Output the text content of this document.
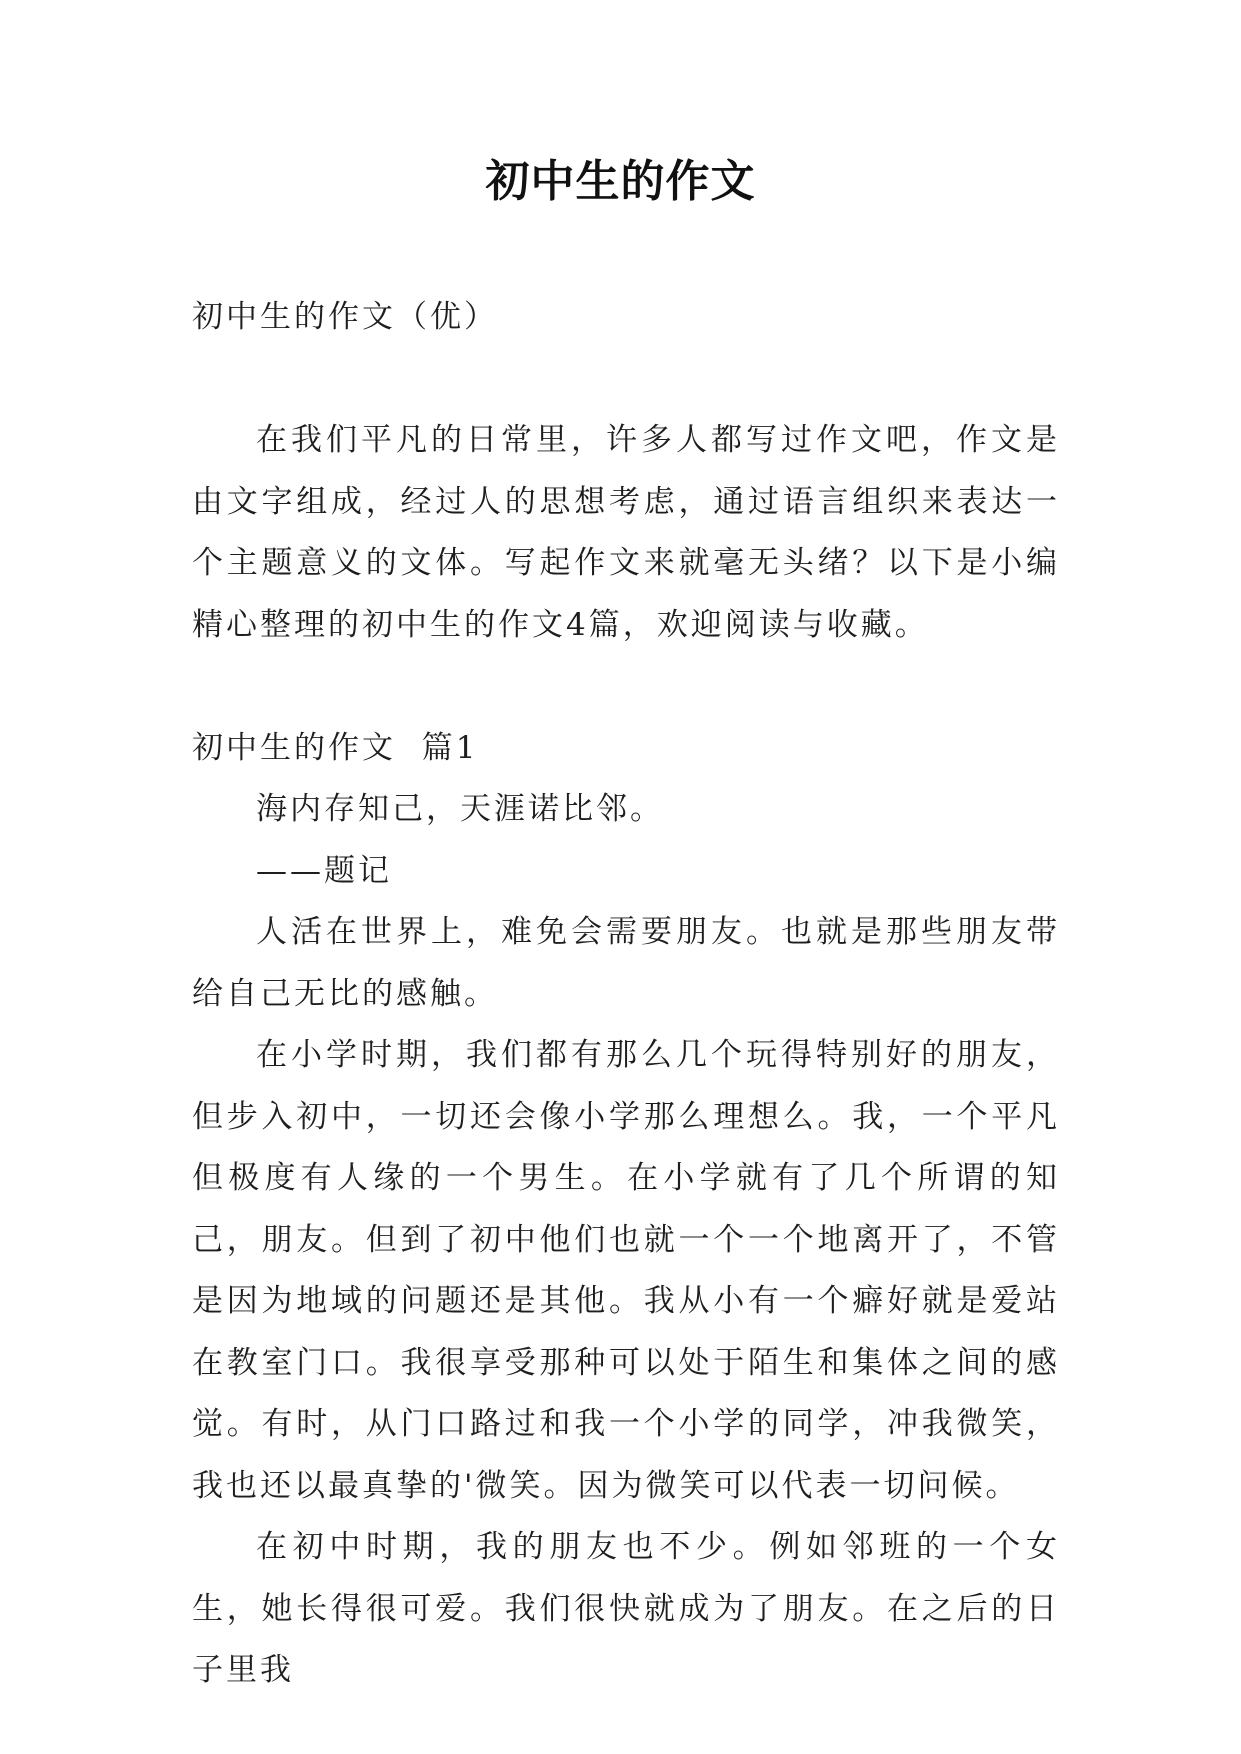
初中生的作文

初中生的作文（优）

在我们平凡的日常里，许多人都写过作文吧，作文是由文字组成，经过人的思想考虑，通过语言组织来表达一个主题意义的文体。写起作文来就毫无头绪？以下是小编精心整理的初中生的作文4篇，欢迎阅读与收藏。

初中生的作文  篇1

海内存知己，天涯诺比邻。

——题记

人活在世界上，难免会需要朋友。也就是那些朋友带给自己无比的感触。

在小学时期，我们都有那么几个玩得特别好的朋友，但步入初中，一切还会像小学那么理想么。我，一个平凡但极度有人缘的一个男生。在小学就有了几个所谓的知己，朋友。但到了初中他们也就一个一个地离开了，不管是因为地域的问题还是其他。我从小有一个癖好就是爱站在教室门口。我很享受那种可以处于陌生和集体之间的感觉。有时，从门口路过和我一个小学的同学，冲我微笑，我也还以最真挚的'微笑。因为微笑可以代表一切问候。

在初中时期，我的朋友也不少。例如邻班的一个女生，她长得很可爱。我们很快就成为了朋友。在之后的日子里我
